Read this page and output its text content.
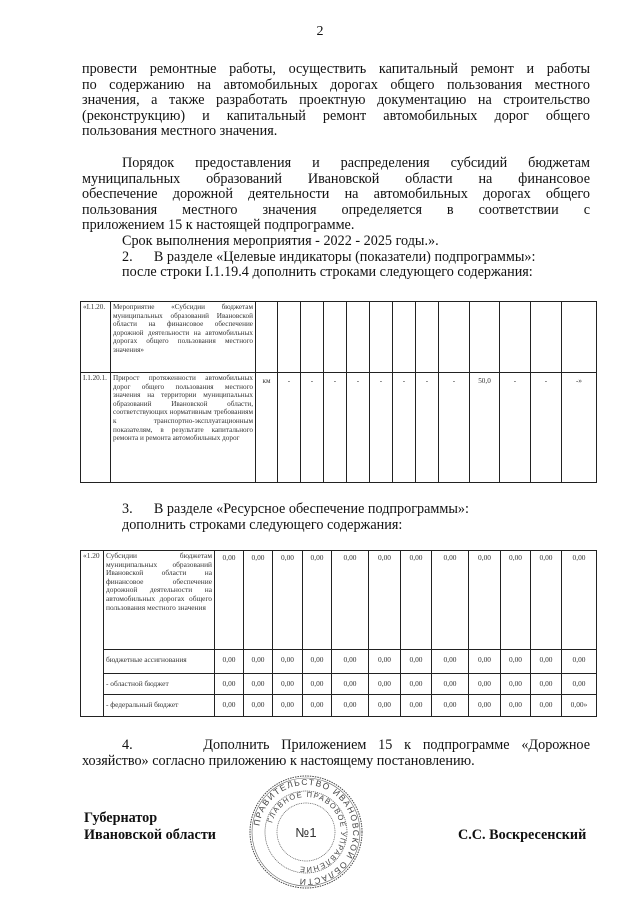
2
провести ремонтные работы, осуществить капитальный ремонт и работы
по содержанию на автомобильных дорогах общего пользования местного
значения, а также разработать проектную документацию на строительство
(реконструкцию) и капитальный ремонт автомобильных дорог общего
пользования местного значения.
Порядок предоставления и распределения субсидий бюджетам
муниципальных образований Ивановской области на финансовое
обеспечение дорожной деятельности на автомобильных дорогах общего
пользования местного значения определяется в соответствии с
приложением 15 к настоящей подпрограмме.
Срок выполнения мероприятия - 2022 - 2025 годы.».
2.      В разделе «Целевые индикаторы (показатели) подпрограммы»:
после строки I.1.19.4 дополнить строками следующего содержания:
«I.1.20.	Мероприятие «Субсидии бюджетам муниципальных образований Ивановской области на финансовое обеспечение дорожной деятельности на автомобильных дорогах общего пользования местного значения»													
I.1.20.1.	Прирост протяженности автомобильных дорог общего пользования местного значения на территории муниципальных образований Ивановской области, соответствующих нормативным требованиям к транспортно-эксплуатационным показателям, в результате капитального ремонта и ремонта автомобильных дорог	км	-	-	-	-	-	-	-	-	50,0	-	-	-»
3.      В разделе «Ресурсное обеспечение подпрограммы»:
дополнить строками следующего содержания:
«1.20	Субсидии бюджетам муниципальных образований Ивановской области на финансовое обеспечение дорожной деятельности на автомобильных дорогах общего пользования местного значения	0,00	0,00	0,00	0,00	0,00	0,00	0,00	0,00	0,00	0,00	0,00	0,00
	бюджетные ассигнования	0,00	0,00	0,00	0,00	0,00	0,00	0,00	0,00	0,00	0,00	0,00	0,00
	- областной бюджет	0,00	0,00	0,00	0,00	0,00	0,00	0,00	0,00	0,00	0,00	0,00	0,00
	- федеральный бюджет	0,00	0,00	0,00	0,00	0,00	0,00	0,00	0,00	0,00	0,00	0,00	0,00»
4.      Дополнить Приложением 15 к подпрограмме «Дорожное
хозяйство» согласно приложению к настоящему постановлению.
Губернатор
Ивановской области	С.С. Воскресенский
ПРАВИТЕЛЬСТВО ИВАНОВСКОЙ ОБЛАСТИ
ГЛАВНОЕ ПРАВОВОЕ УПРАВЛЕНИЕ
№1
